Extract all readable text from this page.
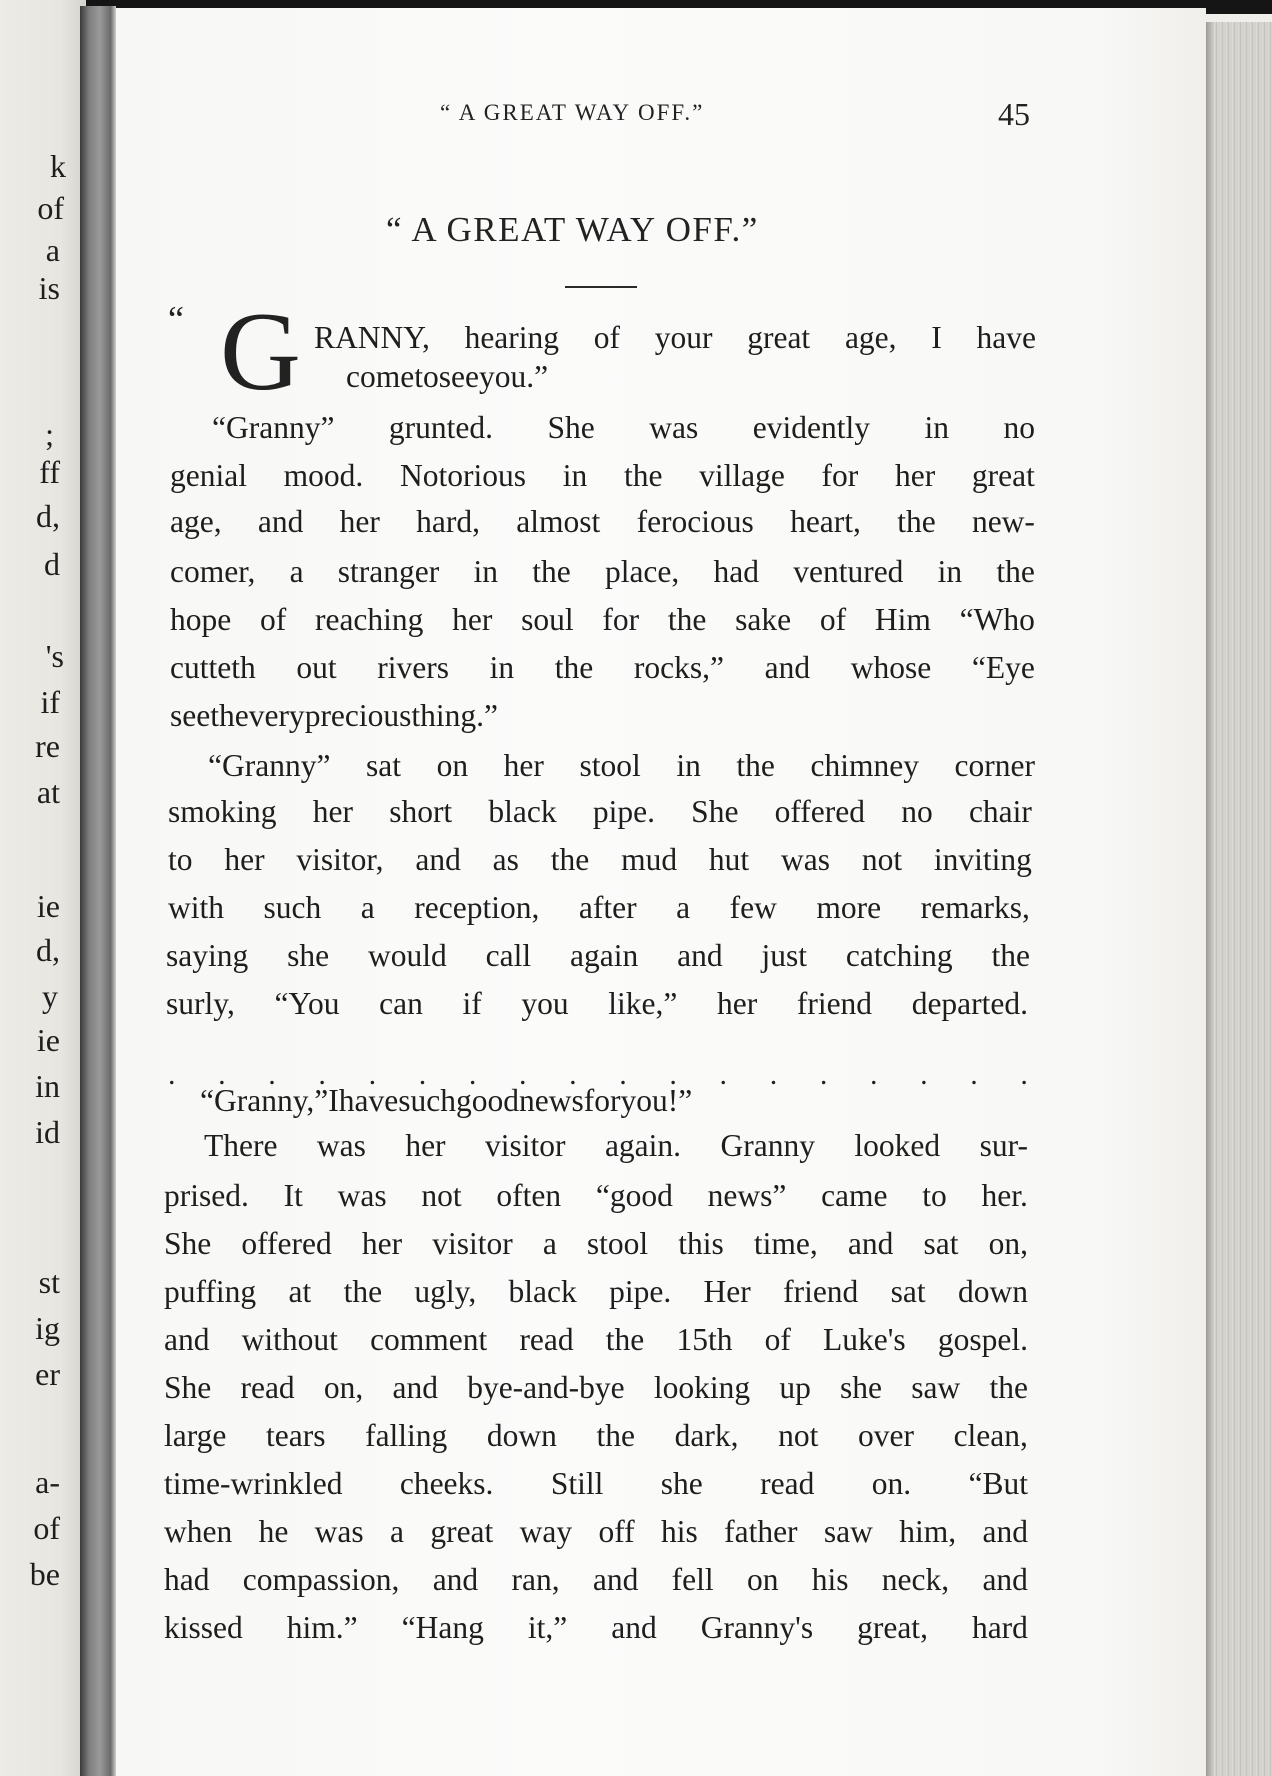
k
of
a
is
;
ff
d,
d
's
if
re
at
ie
d,
y
ie
in
id
st
ig
er
a-
of
be
“ A GREAT WAY OFF.”	45
“ A GREAT WAY OFF.”
“ G RANNY, hearing of your great age, I have
come to see you.”
“Granny” grunted. She was evidently in no
genial mood. Notorious in the village for her great
age, and her hard, almost ferocious heart, the new-
comer, a stranger in the place, had ventured in the
hope of reaching her soul for the sake of Him “Who
cutteth out rivers in the rocks,” and whose “Eye
seeth every precious thing.”
“Granny” sat on her stool in the chimney corner
smoking her short black pipe. She offered no chair
to her visitor, and as the mud hut was not inviting
with such a reception, after a few more remarks,
saying she would call again and just catching the
surly, “You can if you like,” her friend departed.
. . . . . . . . . . . . . . . . . .
“Granny,” I have such good news for you!”
There was her visitor again. Granny looked sur-
prised. It was not often “good news” came to her.
She offered her visitor a stool this time, and sat on,
puffing at the ugly, black pipe. Her friend sat down
and without comment read the 15th of Luke's gospel.
She read on, and bye-and-bye looking up she saw the
large tears falling down the dark, not over clean,
time-wrinkled cheeks. Still she read on. “But
when he was a great way off his father saw him, and
had compassion, and ran, and fell on his neck, and
kissed him.” “Hang it,” and Granny's great, hard
